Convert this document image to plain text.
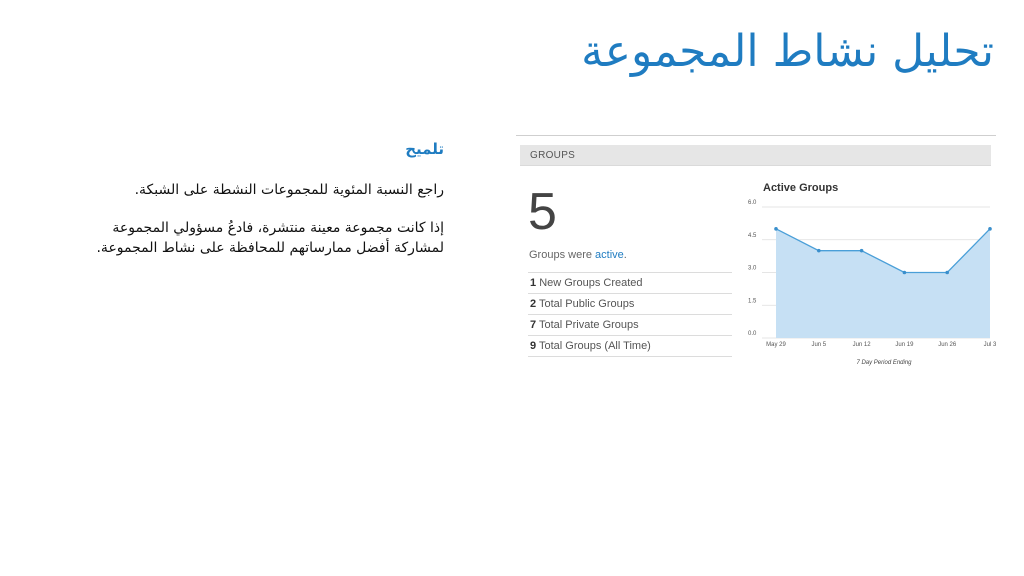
تحليل نشاط المجموعة
تلميح

راجع النسبة المئوية للمجموعات النشطة على الشبكة.

إذا كانت مجموعة معينة منتشرة، فادعُ مسؤولي المجموعة لمشاركة أفضل ممارساتهم للمحافظة على نشاط المجموعة.

GROUPS
5
Groups were active.
1 New Groups Created
2 Total Public Groups
7 Total Private Groups
9 Total Groups (All Time)
Active Groups
0.0
1.5
3.0
4.5
6.0
May 29	Jun 5	Jun 12	Jun 19	Jun 26	Jul 3
7 Day Period Ending
